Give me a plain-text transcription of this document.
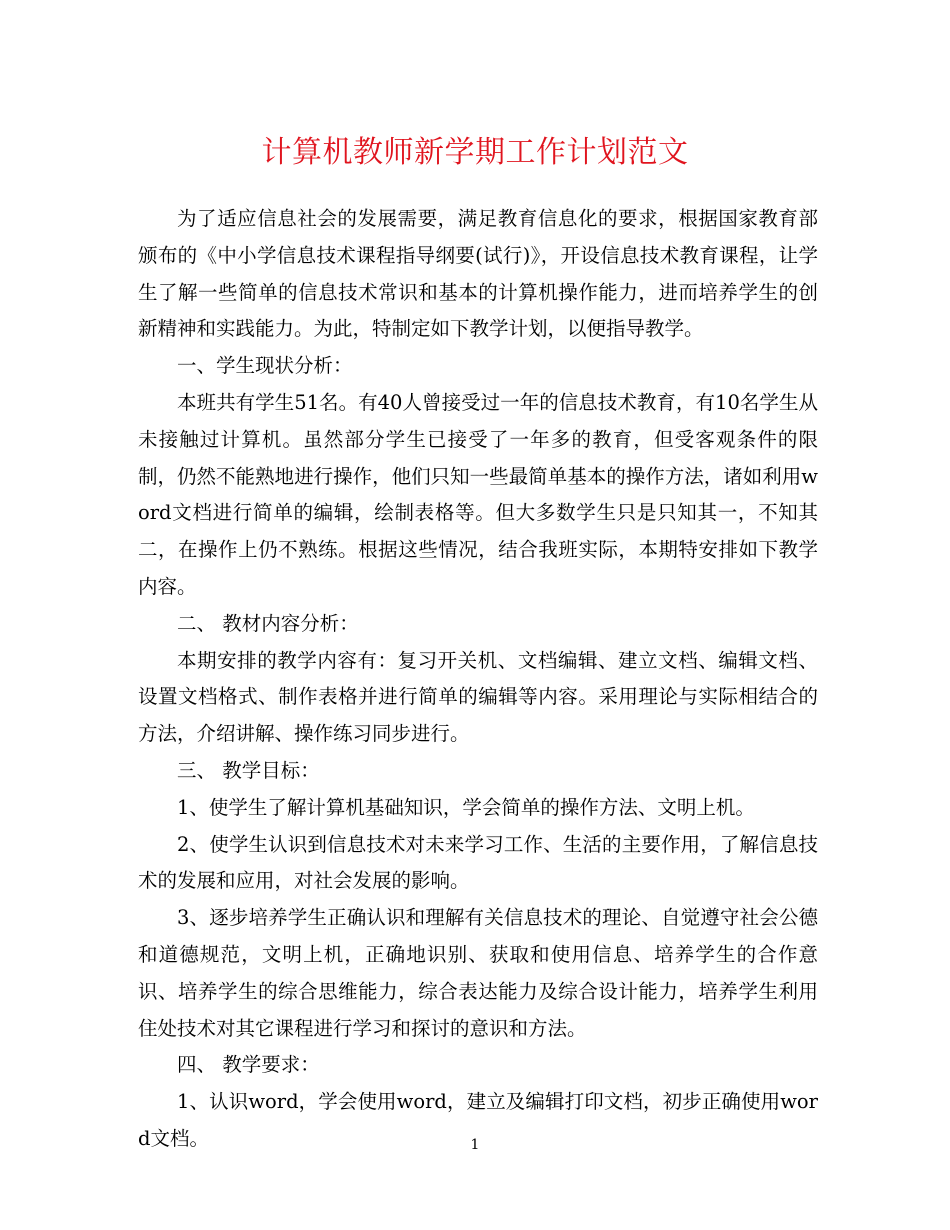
计算机教师新学期工作计划范文

为了适应信息社会的发展需要，满足教育信息化的要求，根据国家教育部颁布的《中小学信息技术课程指导纲要(试行)》，开设信息技术教育课程，让学生了解一些简单的信息技术常识和基本的计算机操作能力，进而培养学生的创新精神和实践能力。为此，特制定如下教学计划，以便指导教学。

一、学生现状分析：

本班共有学生51名。有40人曾接受过一年的信息技术教育，有10名学生从未接触过计算机。虽然部分学生已接受了一年多的教育，但受客观条件的限制，仍然不能熟地进行操作，他们只知一些最简单基本的操作方法，诸如利用word文档进行简单的编辑，绘制表格等。但大多数学生只是只知其一，不知其二，在操作上仍不熟练。根据这些情况，结合我班实际，本期特安排如下教学内容。

二、 教材内容分析：

本期安排的教学内容有：复习开关机、文档编辑、建立文档、编辑文档、设置文档格式、制作表格并进行简单的编辑等内容。采用理论与实际相结合的方法，介绍讲解、操作练习同步进行。

三、 教学目标：

1、使学生了解计算机基础知识，学会简单的操作方法、文明上机。

2、使学生认识到信息技术对未来学习工作、生活的主要作用，了解信息技术的发展和应用，对社会发展的影响。

3、逐步培养学生正确认识和理解有关信息技术的理论、自觉遵守社会公德和道德规范，文明上机，正确地识别、获取和使用信息、培养学生的合作意识、培养学生的综合思维能力，综合表达能力及综合设计能力，培养学生利用住处技术对其它课程进行学习和探讨的意识和方法。

四、 教学要求：

1、认识word，学会使用word，建立及编辑打印文档，初步正确使用word文档。	1
